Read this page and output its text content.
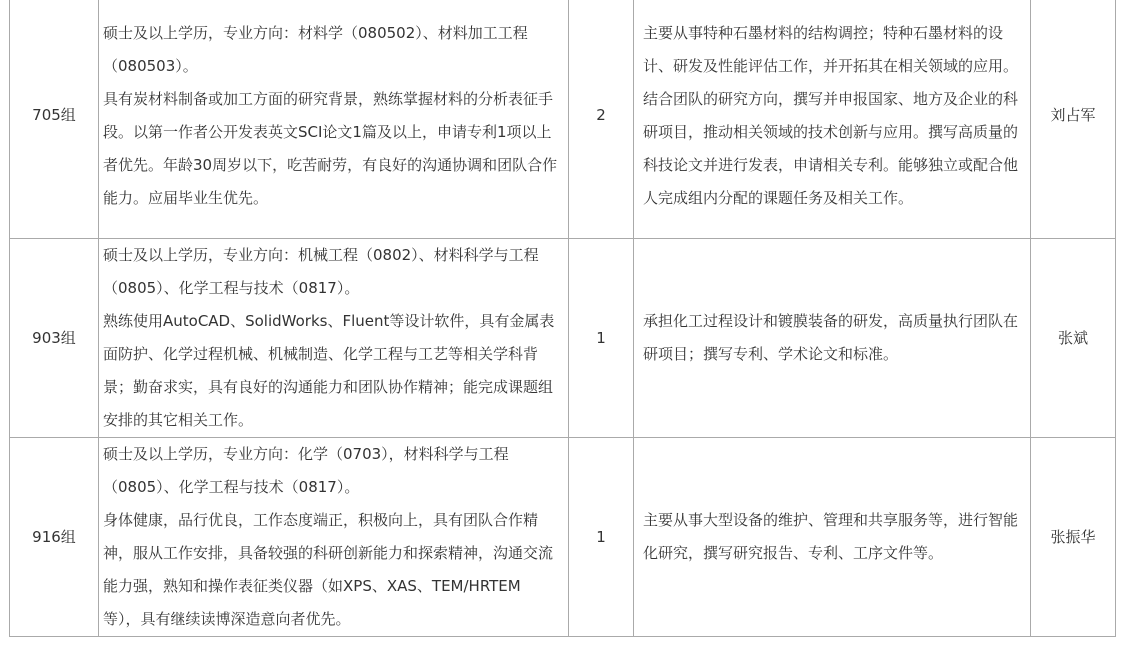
705组	硕士及以上学历，专业方向：材料学（080502）、材料加工工程（080503）。

具有炭材料制备或加工方面的研究背景，熟练掌握材料的分析表征手段。以第一作者公开发表英文SCI论文1篇及以上，申请专利1项以上者优先。年龄30周岁以下，吃苦耐劳，有良好的沟通协调和团队合作能力。应届毕业生优先。	2	主要从事特种石墨材料的结构调控；特种石墨材料的设计、研发及性能评估工作，并开拓其在相关领域的应用。结合团队的研究方向，撰写并申报国家、地方及企业的科研项目，推动相关领域的技术创新与应用。撰写高质量的科技论文并进行发表，申请相关专利。能够独立或配合他人完成组内分配的课题任务及相关工作。	刘占军
903组	硕士及以上学历，专业方向：机械工程（0802）、材料科学与工程（0805）、化学工程与技术（0817）。

熟练使用AutoCAD、SolidWorks、Fluent等设计软件，具有金属表面防护、化学过程机械、机械制造、化学工程与工艺等相关学科背景；勤奋求实，具有良好的沟通能力和团队协作精神；能完成课题组安排的其它相关工作。	1	承担化工过程设计和镀膜装备的研发，高质量执行团队在研项目；撰写专利、学术论文和标准。	张斌
916组	硕士及以上学历，专业方向：化学（0703），材料科学与工程（0805）、化学工程与技术（0817）。

身体健康，品行优良，工作态度端正，积极向上，具有团队合作精神，服从工作安排，具备较强的科研创新能力和探索精神，沟通交流能力强，熟知和操作表征类仪器（如XPS、XAS、TEM/HRTEM等），具有继续读博深造意向者优先。	1	主要从事大型设备的维护、管理和共享服务等，进行智能化研究，撰写研究报告、专利、工序文件等。	张振华
